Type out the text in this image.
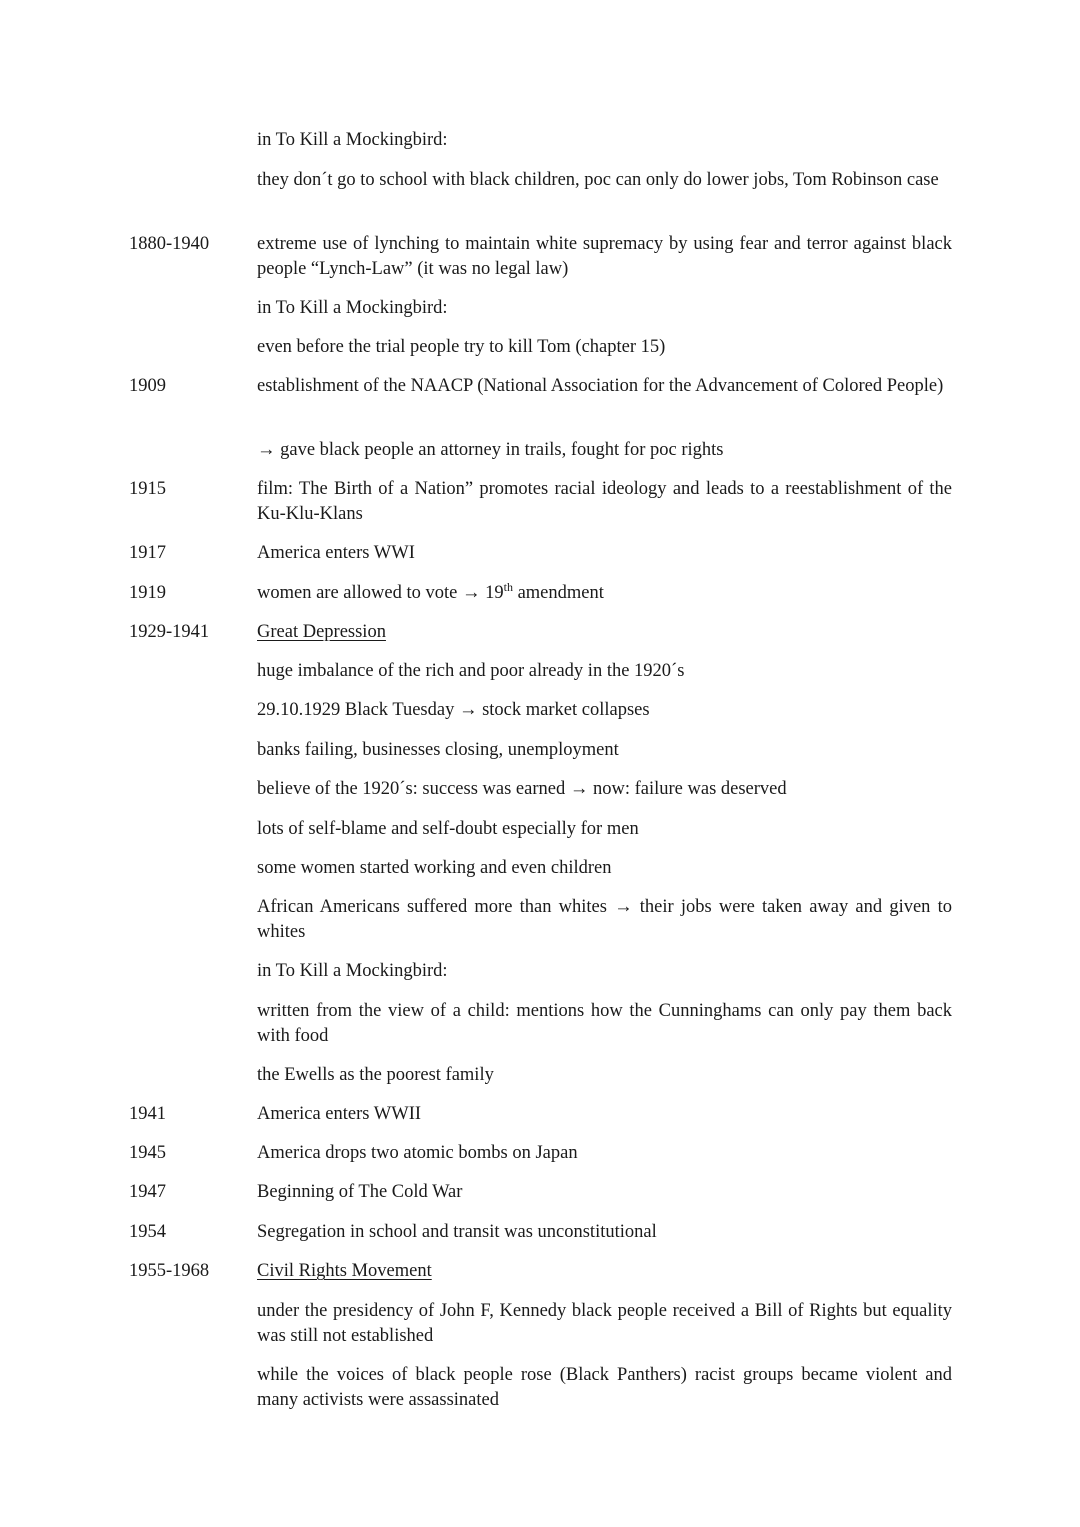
in To Kill a Mockingbird:
they don´t go to school with black children, poc can only do lower jobs, Tom Robinson case
1880-1940	extreme use of lynching to maintain white supremacy by using fear and terror against black people “Lynch-Law” (it was no legal law)
in To Kill a Mockingbird:
even before the trial people try to kill Tom (chapter 15)
1909	establishment of the NAACP (National Association for the Advancement of Colored People)
→ gave black people an attorney in trails, fought for poc rights
1915	film: The Birth of a Nation” promotes racial ideology and leads to a reestablishment of the Ku-Klu-Klans
1917	America enters WWI
1919	women are allowed to vote → 19th amendment
1929-1941	Great Depression
huge imbalance of the rich and poor already in the 1920´s
29.10.1929 Black Tuesday → stock market collapses
banks failing, businesses closing, unemployment
believe of the 1920´s: success was earned → now: failure was deserved
lots of self-blame and self-doubt especially for men
some women started working and even children
African Americans suffered more than whites → their jobs were taken away and given to whites
in To Kill a Mockingbird:
written from the view of a child: mentions how the Cunninghams can only pay them back with food
the Ewells as the poorest family
1941	America enters WWII
1945	America drops two atomic bombs on Japan
1947	Beginning of The Cold War
1954	Segregation in school and transit was unconstitutional
1955-1968	Civil Rights Movement
under the presidency of John F, Kennedy black people received a Bill of Rights but equality was still not established
while the voices of black people rose (Black Panthers) racist groups became violent and many activists were assassinated
